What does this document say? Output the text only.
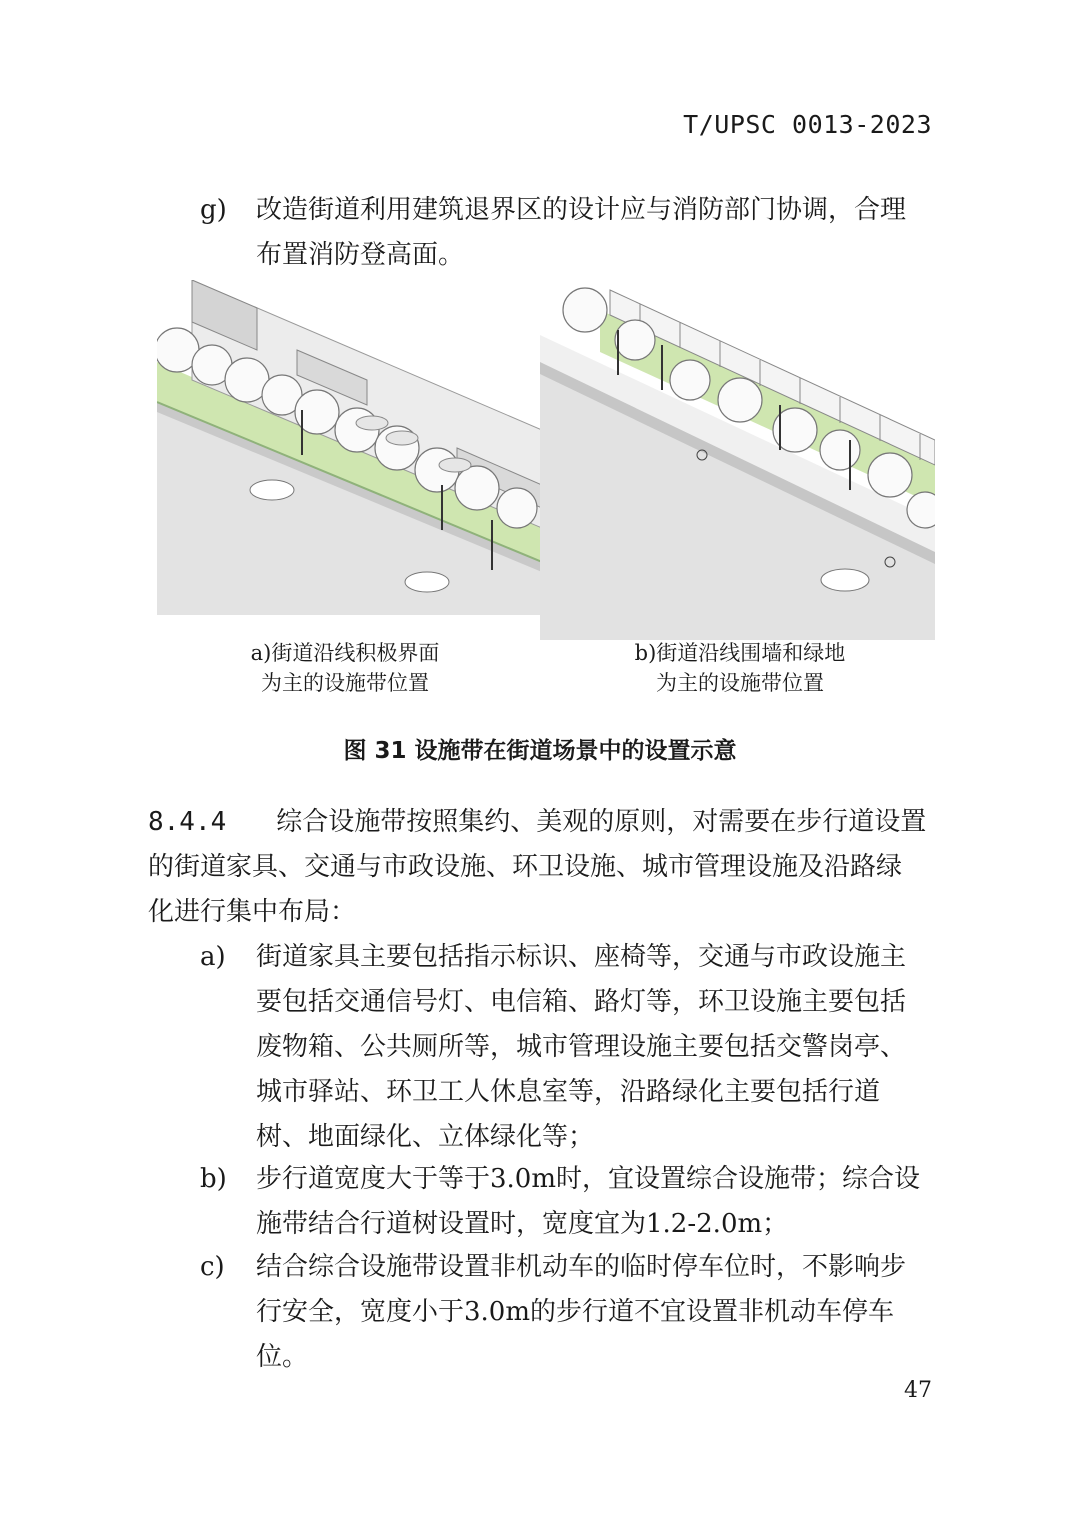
T/UPSC 0013-2023
g) 改造街道利用建筑退界区的设计应与消防部门协调，合理
布置消防登高面。
a)街道沿线积极界面
为主的设施带位置
b)街道沿线围墙和绿地
为主的设施带位置
图 31 设施带在街道场景中的设置示意
8.4.4 综合设施带按照集约、美观的原则，对需要在步行道设置
的街道家具、交通与市政设施、环卫设施、城市管理设施及沿路绿
化进行集中布局：
a) 街道家具主要包括指示标识、座椅等，交通与市政设施主
要包括交通信号灯、电信箱、路灯等，环卫设施主要包括
废物箱、公共厕所等，城市管理设施主要包括交警岗亭、
城市驿站、环卫工人休息室等，沿路绿化主要包括行道
树、地面绿化、立体绿化等；
b) 步行道宽度大于等于3.0m时，宜设置综合设施带；综合设
施带结合行道树设置时，宽度宜为1.2-2.0m；
c) 结合综合设施带设置非机动车的临时停车位时，不影响步
行安全，宽度小于3.0m的步行道不宜设置非机动车停车
位。
47
